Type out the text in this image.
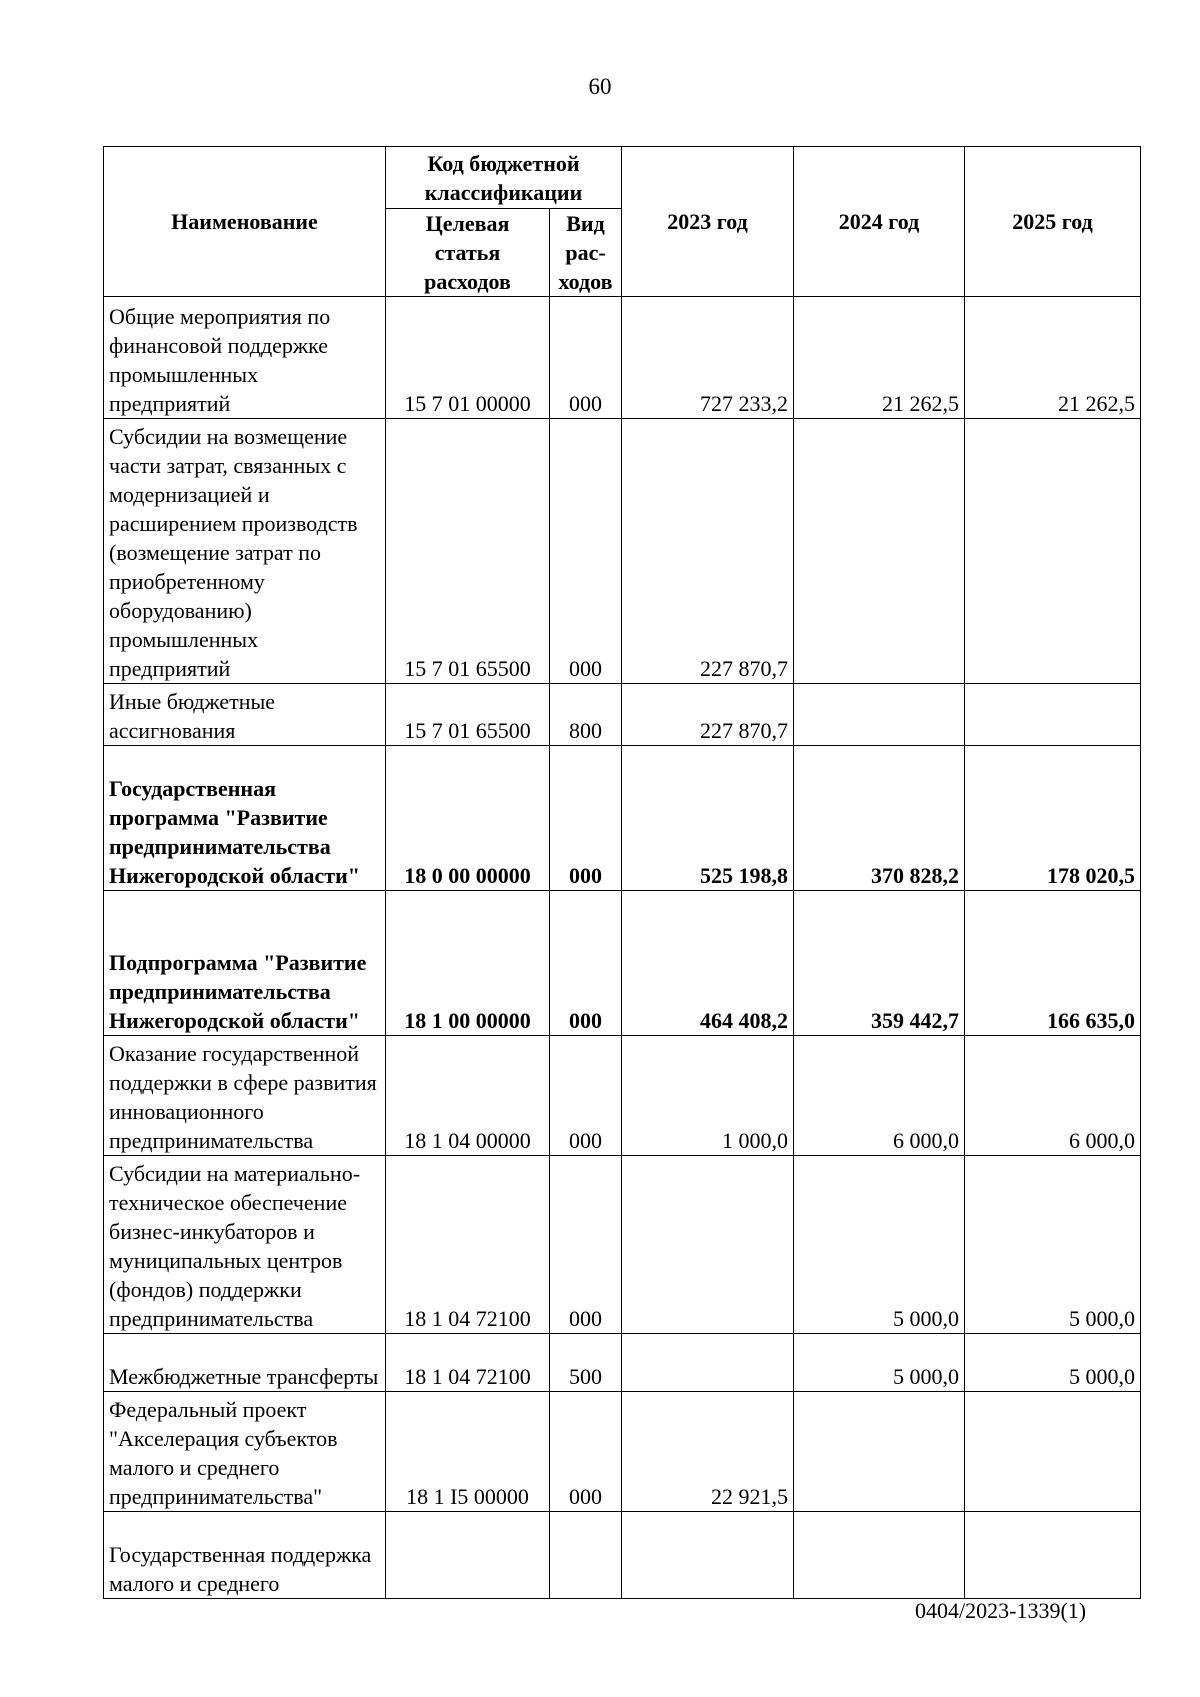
60
Наименование	Код бюджетной классификации		2023 год	2024 год	2025 год
	Целевая статья расходов	Вид рас-ходов			
Общие мероприятия по финансовой поддержке промышленных предприятий	15 7 01 00000	000	727 233,2	21 262,5	21 262,5
Субсидии на возмещение части затрат, связанных с модернизацией и расширением производств (возмещение затрат по приобретенному оборудованию) промышленных предприятий	15 7 01 65500	000	227 870,7		
Иные бюджетные ассигнования	15 7 01 65500	800	227 870,7		
Государственная программа "Развитие предпринимательства Нижегородской области"	18 0 00 00000	000	525 198,8	370 828,2	178 020,5
Подпрограмма "Развитие предпринимательства Нижегородской области"	18 1 00 00000	000	464 408,2	359 442,7	166 635,0
Оказание государственной поддержки в сфере развития инновационного предпринимательства	18 1 04 00000	000	1 000,0	6 000,0	6 000,0
Субсидии на материально-техническое обеспечение бизнес-инкубаторов и муниципальных центров (фондов) поддержки предпринимательства	18 1 04 72100	000		5 000,0	5 000,0
Межбюджетные трансферты	18 1 04 72100	500		5 000,0	5 000,0
Федеральный проект "Акселерация субъектов малого и среднего предпринимательства"	18 1 I5 00000	000	22 921,5		
Государственная поддержка малого и среднего					
0404/2023-1339(1)
